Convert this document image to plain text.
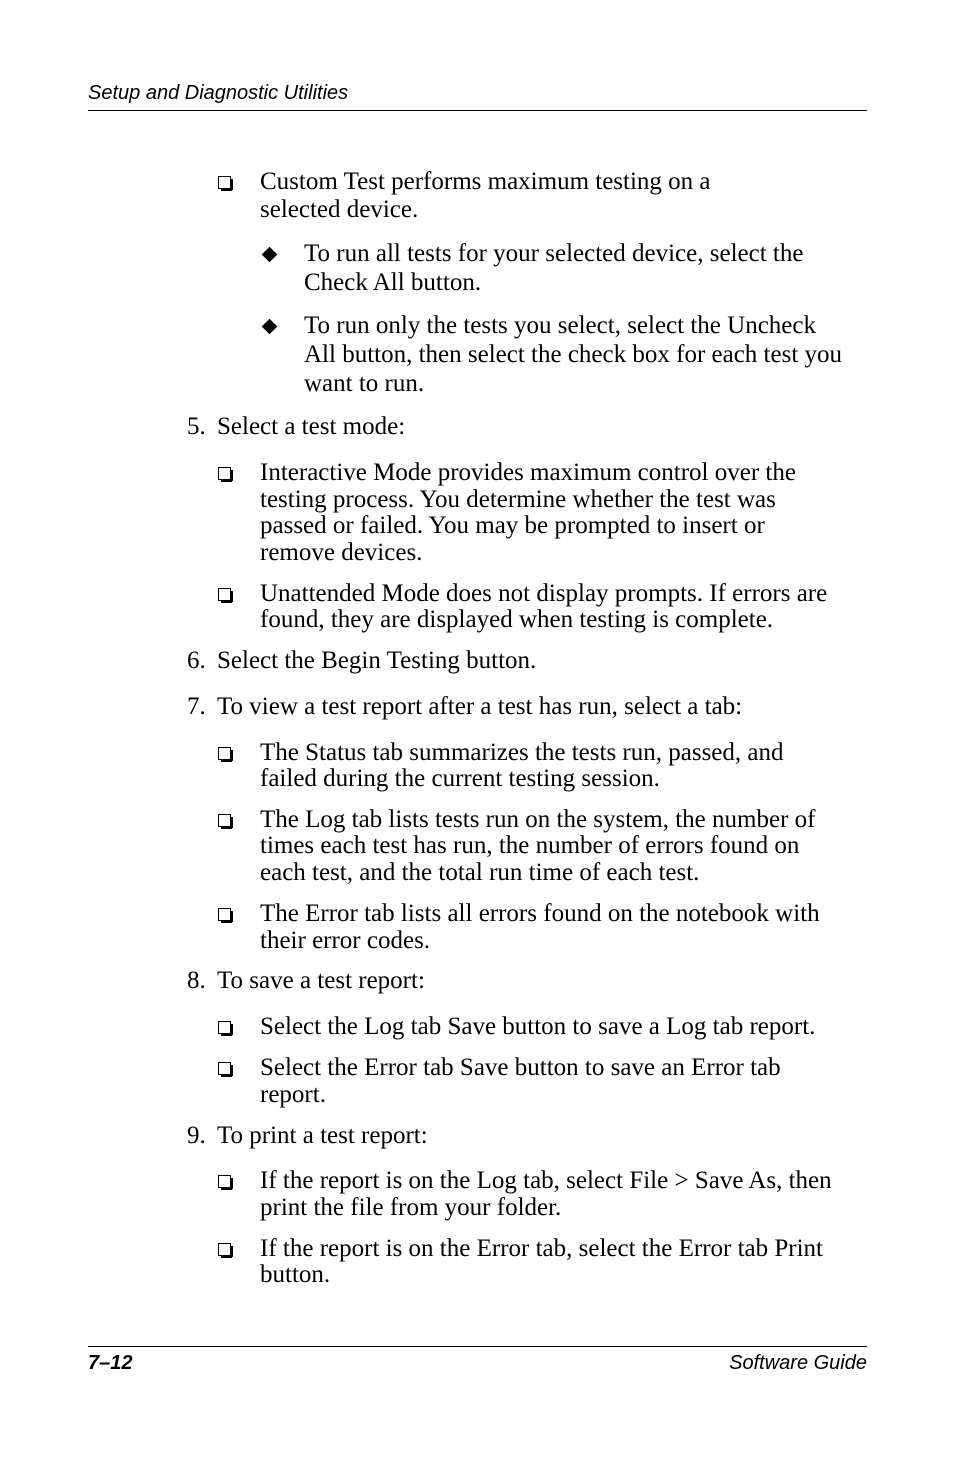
Setup and Diagnostic Utilities
Custom Test performs maximum testing on a
selected device.
To run all tests for your selected device, select the
Check All button.
To run only the tests you select, select the Uncheck
All button, then select the check box for each test you
want to run.
5. Select a test mode:
Interactive Mode provides maximum control over the
testing process. You determine whether the test was
passed or failed. You may be prompted to insert or
remove devices.
Unattended Mode does not display prompts. If errors are
found, they are displayed when testing is complete.
6. Select the Begin Testing button.
7. To view a test report after a test has run, select a tab:
The Status tab summarizes the tests run, passed, and
failed during the current testing session.
The Log tab lists tests run on the system, the number of
times each test has run, the number of errors found on
each test, and the total run time of each test.
The Error tab lists all errors found on the notebook with
their error codes.
8. To save a test report:
Select the Log tab Save button to save a Log tab report.
Select the Error tab Save button to save an Error tab
report.
9. To print a test report:
If the report is on the Log tab, select File > Save As, then
print the file from your folder.
If the report is on the Error tab, select the Error tab Print
button.
7–12	Software Guide
